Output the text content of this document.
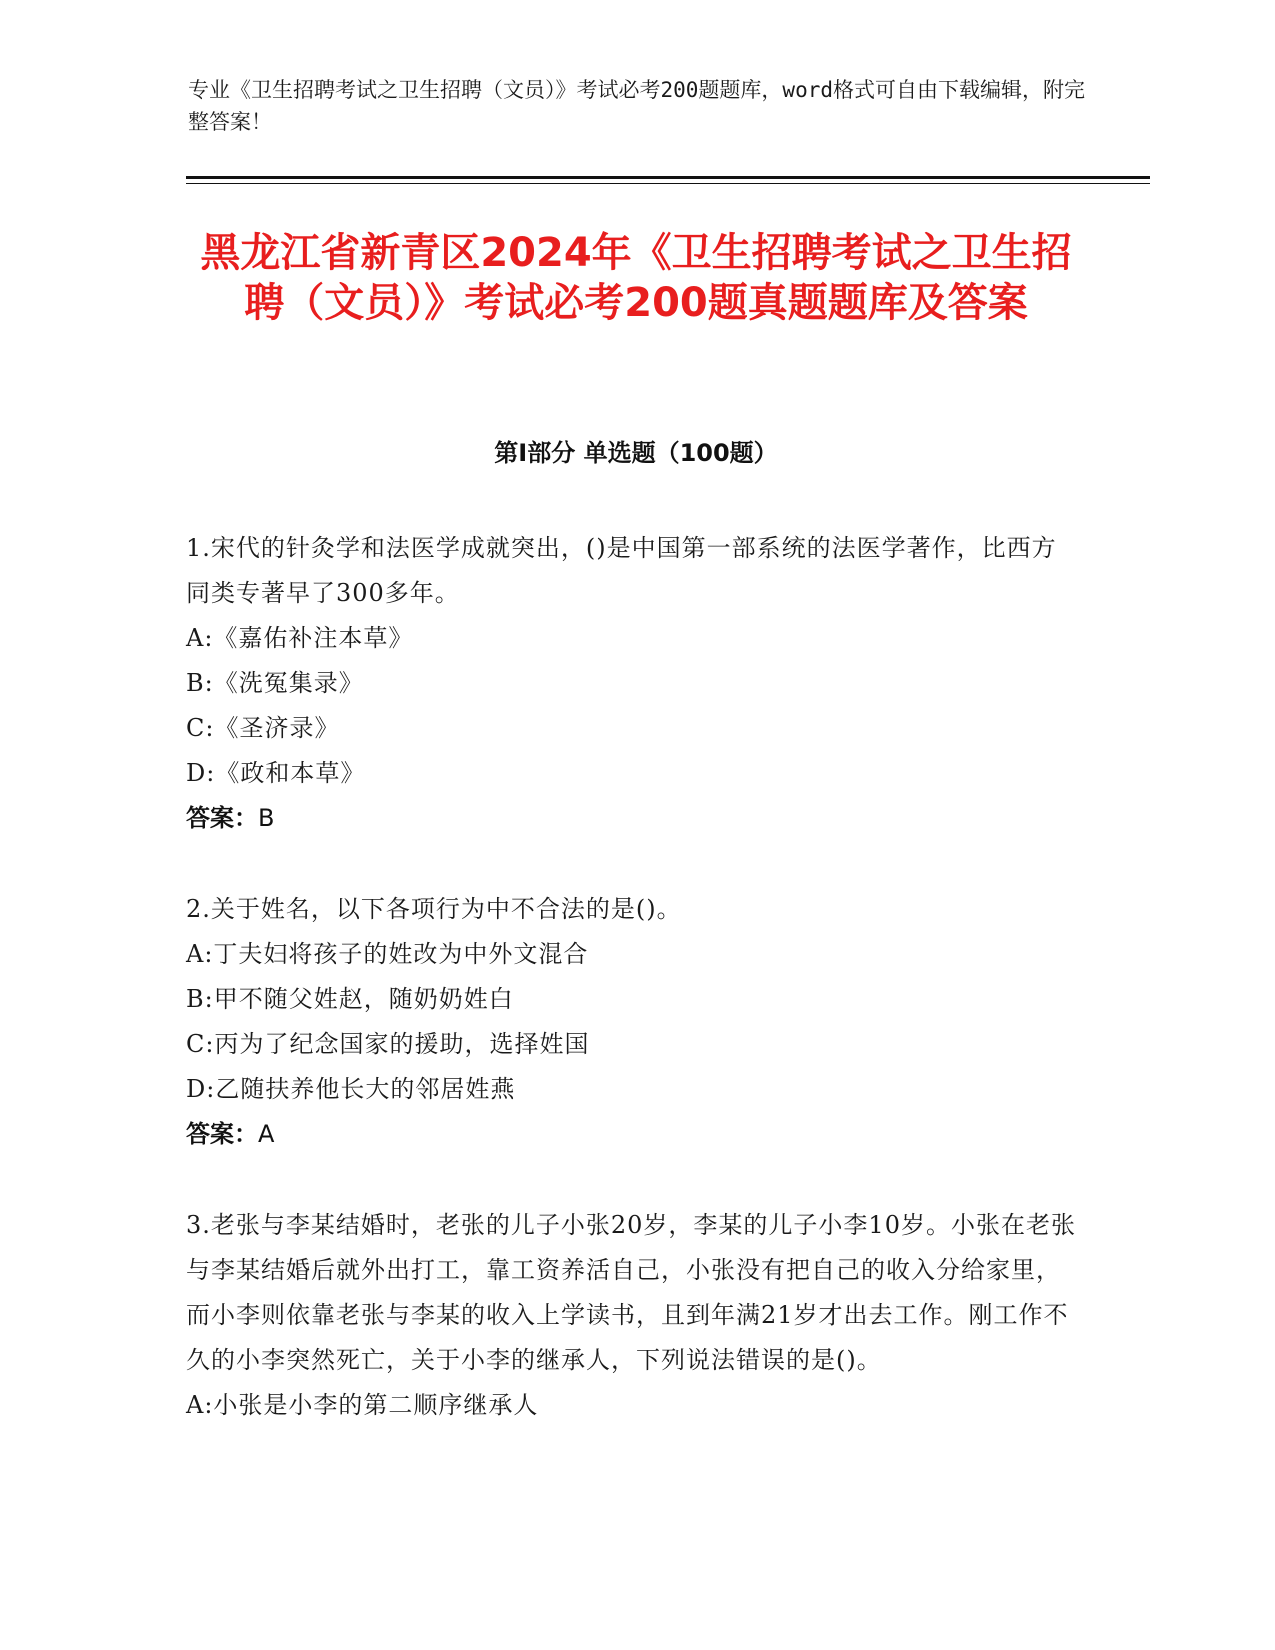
专业《卫生招聘考试之卫生招聘（文员）》考试必考200题题库，word格式可自由下载编辑，附完整答案！
黑龙江省新青区2024年《卫生招聘考试之卫生招聘（文员）》考试必考200题真题题库及答案
第Ⅰ部分 单选题（100题）
1.宋代的针灸学和法医学成就突出，()是中国第一部系统的法医学著作，比西方同类专著早了300多年。
A:《嘉佑补注本草》
B:《洗冤集录》
C:《圣济录》
D:《政和本草》
答案：B
2.关于姓名，以下各项行为中不合法的是()。
A:丁夫妇将孩子的姓改为中外文混合
B:甲不随父姓赵，随奶奶姓白
C:丙为了纪念国家的援助，选择姓国
D:乙随扶养他长大的邻居姓燕
答案：A
3.老张与李某结婚时，老张的儿子小张20岁，李某的儿子小李10岁。小张在老张与李某结婚后就外出打工，靠工资养活自己，小张没有把自己的收入分给家里，而小李则依靠老张与李某的收入上学读书，且到年满21岁才出去工作。刚工作不久的小李突然死亡，关于小李的继承人，下列说法错误的是()。
A:小张是小李的第二顺序继承人
